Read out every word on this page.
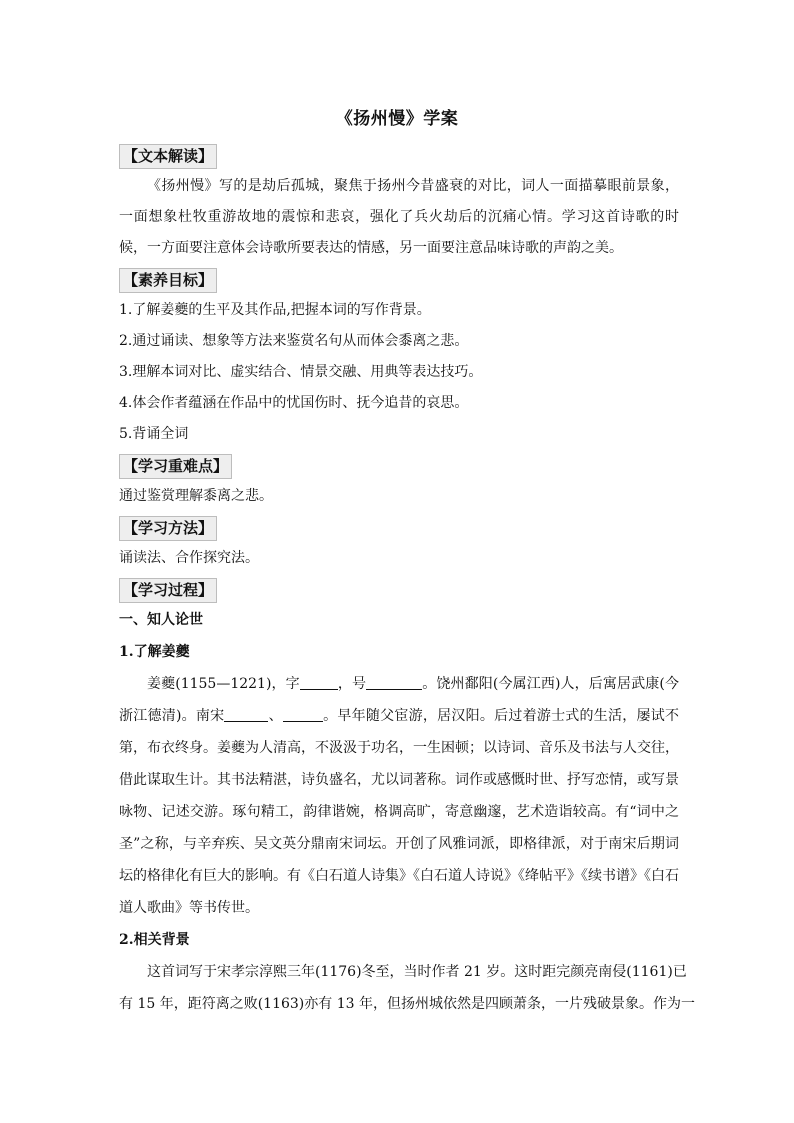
《扬州慢》学案
【文本解读】
《扬州慢》写的是劫后孤城，聚焦于扬州今昔盛衰的对比，词人一面描摹眼前景象，
一面想象杜牧重游故地的震惊和悲哀，强化了兵火劫后的沉痛心情。学习这首诗歌的时
候，一方面要注意体会诗歌所要表达的情感，另一面要注意品味诗歌的声韵之美。
【素养目标】
1.了解姜夔的生平及其作品,把握本词的写作背景。
2.通过诵读、想象等方法来鉴赏名句从而体会黍离之悲。
3.理解本词对比、虚实结合、情景交融、用典等表达技巧。
4.体会作者蕴涵在作品中的忧国伤时、抚今追昔的哀思。
5.背诵全词
【学习重难点】
通过鉴赏理解黍离之悲。
【学习方法】
诵读法、合作探究法。
【学习过程】
一、知人论世
1.了解姜夔
姜夔(1155—1221)，字	，号	。饶州鄱阳(今属江西)人，后寓居武康(今
浙江德清)。南宋	、	。早年随父宦游，居汉阳。后过着游士式的生活，屡试不
第，布衣终身。姜夔为人清高，不汲汲于功名，一生困顿；以诗词、音乐及书法与人交往，
借此谋取生计。其书法精湛，诗负盛名，尤以词著称。词作或感慨时世、抒写恋情，或写景
咏物、记述交游。琢句精工，韵律谐婉，格调高旷，寄意幽邃，艺术造诣较高。有“词中之
圣”之称，与辛弃疾、吴文英分鼎南宋词坛。开创了风雅词派，即格律派，对于南宋后期词
坛的格律化有巨大的影响。有《白石道人诗集》《白石道人诗说》《绛帖平》《续书谱》《白石
道人歌曲》等书传世。
2.相关背景
这首词写于宋孝宗淳熙三年(1176)冬至，当时作者 21 岁。这时距完颜亮南侵(1161)已
有 15 年，距符离之败(1163)亦有 13 年，但扬州城依然是四顾萧条，一片残破景象。作为一
